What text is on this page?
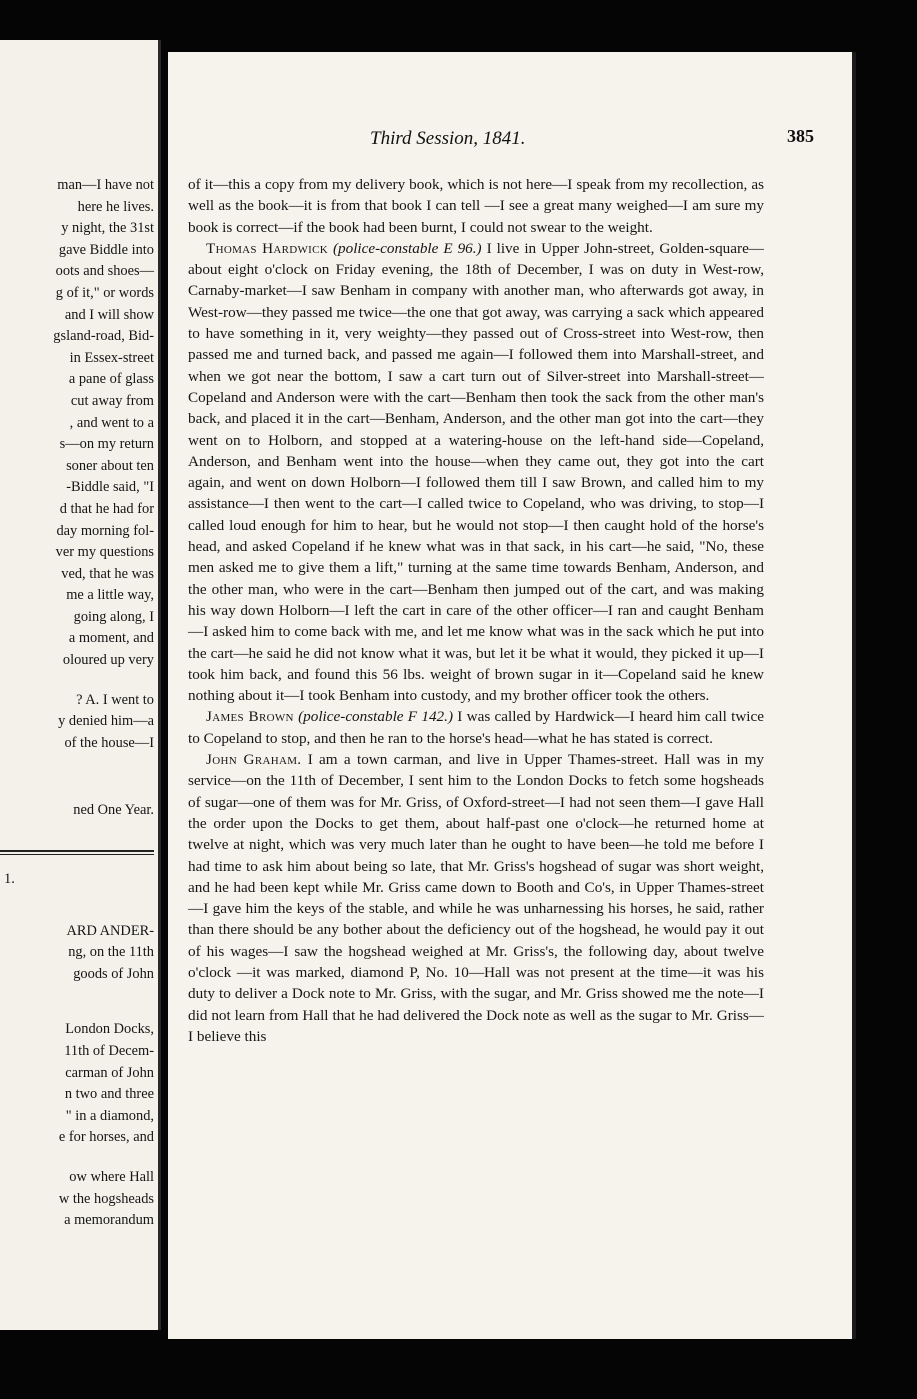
man—I have not
here he lives.
y night, the 31st
gave Biddle into
oots and shoes—
g of it," or words
and I will show
gsland-road, Bid-
in Essex-street
a pane of glass
cut away from
, and went to a
s—on my return
soner about ten
-Biddle said, "I
d that he had for
day morning fol-
ver my questions
ved, that he was
me a little way,
going along, I
a moment, and
oloured up very
? A. I went to
y denied him—a
of the house—I
ned One Year.
1.
ARD ANDER-
ng, on the 11th
goods of John
London Docks,
11th of Decem-
carman of John
n two and three
" in a diamond,
e for horses, and
ow where Hall
w the hogsheads
a memorandum
Third Session, 1841.	385

of it—this a copy from my delivery book, which is not here—I speak from my recollection, as well as the book—it is from that book I can tell —I see a great many weighed—I am sure my book is correct—if the book had been burnt, I could not swear to the weight.

Thomas Hardwick (police-constable E 96.) I live in Upper John-street, Golden-square—about eight o'clock on Friday evening, the 18th of December, I was on duty in West-row, Carnaby-market—I saw Benham in company with another man, who afterwards got away, in West-row—they passed me twice—the one that got away, was carrying a sack which appeared to have something in it, very weighty—they passed out of Cross-street into West-row, then passed me and turned back, and passed me again—I followed them into Marshall-street, and when we got near the bottom, I saw a cart turn out of Silver-street into Marshall-street—Copeland and Anderson were with the cart—Benham then took the sack from the other man's back, and placed it in the cart—Benham, Anderson, and the other man got into the cart—they went on to Holborn, and stopped at a watering-house on the left-hand side—Copeland, Anderson, and Benham went into the house—when they came out, they got into the cart again, and went on down Holborn—I followed them till I saw Brown, and called him to my assistance—I then went to the cart—I called twice to Copeland, who was driving, to stop—I called loud enough for him to hear, but he would not stop—I then caught hold of the horse's head, and asked Copeland if he knew what was in that sack, in his cart—he said, "No, these men asked me to give them a lift," turning at the same time towards Benham, Anderson, and the other man, who were in the cart—Benham then jumped out of the cart, and was making his way down Holborn—I left the cart in care of the other officer—I ran and caught Benham—I asked him to come back with me, and let me know what was in the sack which he put into the cart—he said he did not know what it was, but let it be what it would, they picked it up—I took him back, and found this 56 lbs. weight of brown sugar in it—Copeland said he knew nothing about it—I took Benham into custody, and my brother officer took the others.

James Brown (police-constable F 142.) I was called by Hardwick—I heard him call twice to Copeland to stop, and then he ran to the horse's head—what he has stated is correct.

John Graham. I am a town carman, and live in Upper Thames-street. Hall was in my service—on the 11th of December, I sent him to the London Docks to fetch some hogsheads of sugar—one of them was for Mr. Griss, of Oxford-street—I had not seen them—I gave Hall the order upon the Docks to get them, about half-past one o'clock—he returned home at twelve at night, which was very much later than he ought to have been—he told me before I had time to ask him about being so late, that Mr. Griss's hogshead of sugar was short weight, and he had been kept while Mr. Griss came down to Booth and Co's, in Upper Thames-street—I gave him the keys of the stable, and while he was unharnessing his horses, he said, rather than there should be any bother about the deficiency out of the hogshead, he would pay it out of his wages—I saw the hogshead weighed at Mr. Griss's, the following day, about twelve o'clock —it was marked, diamond P, No. 10—Hall was not present at the time—it was his duty to deliver a Dock note to Mr. Griss, with the sugar, and Mr. Griss showed me the note—I did not learn from Hall that he had delivered the Dock note as well as the sugar to Mr. Griss—I believe this
